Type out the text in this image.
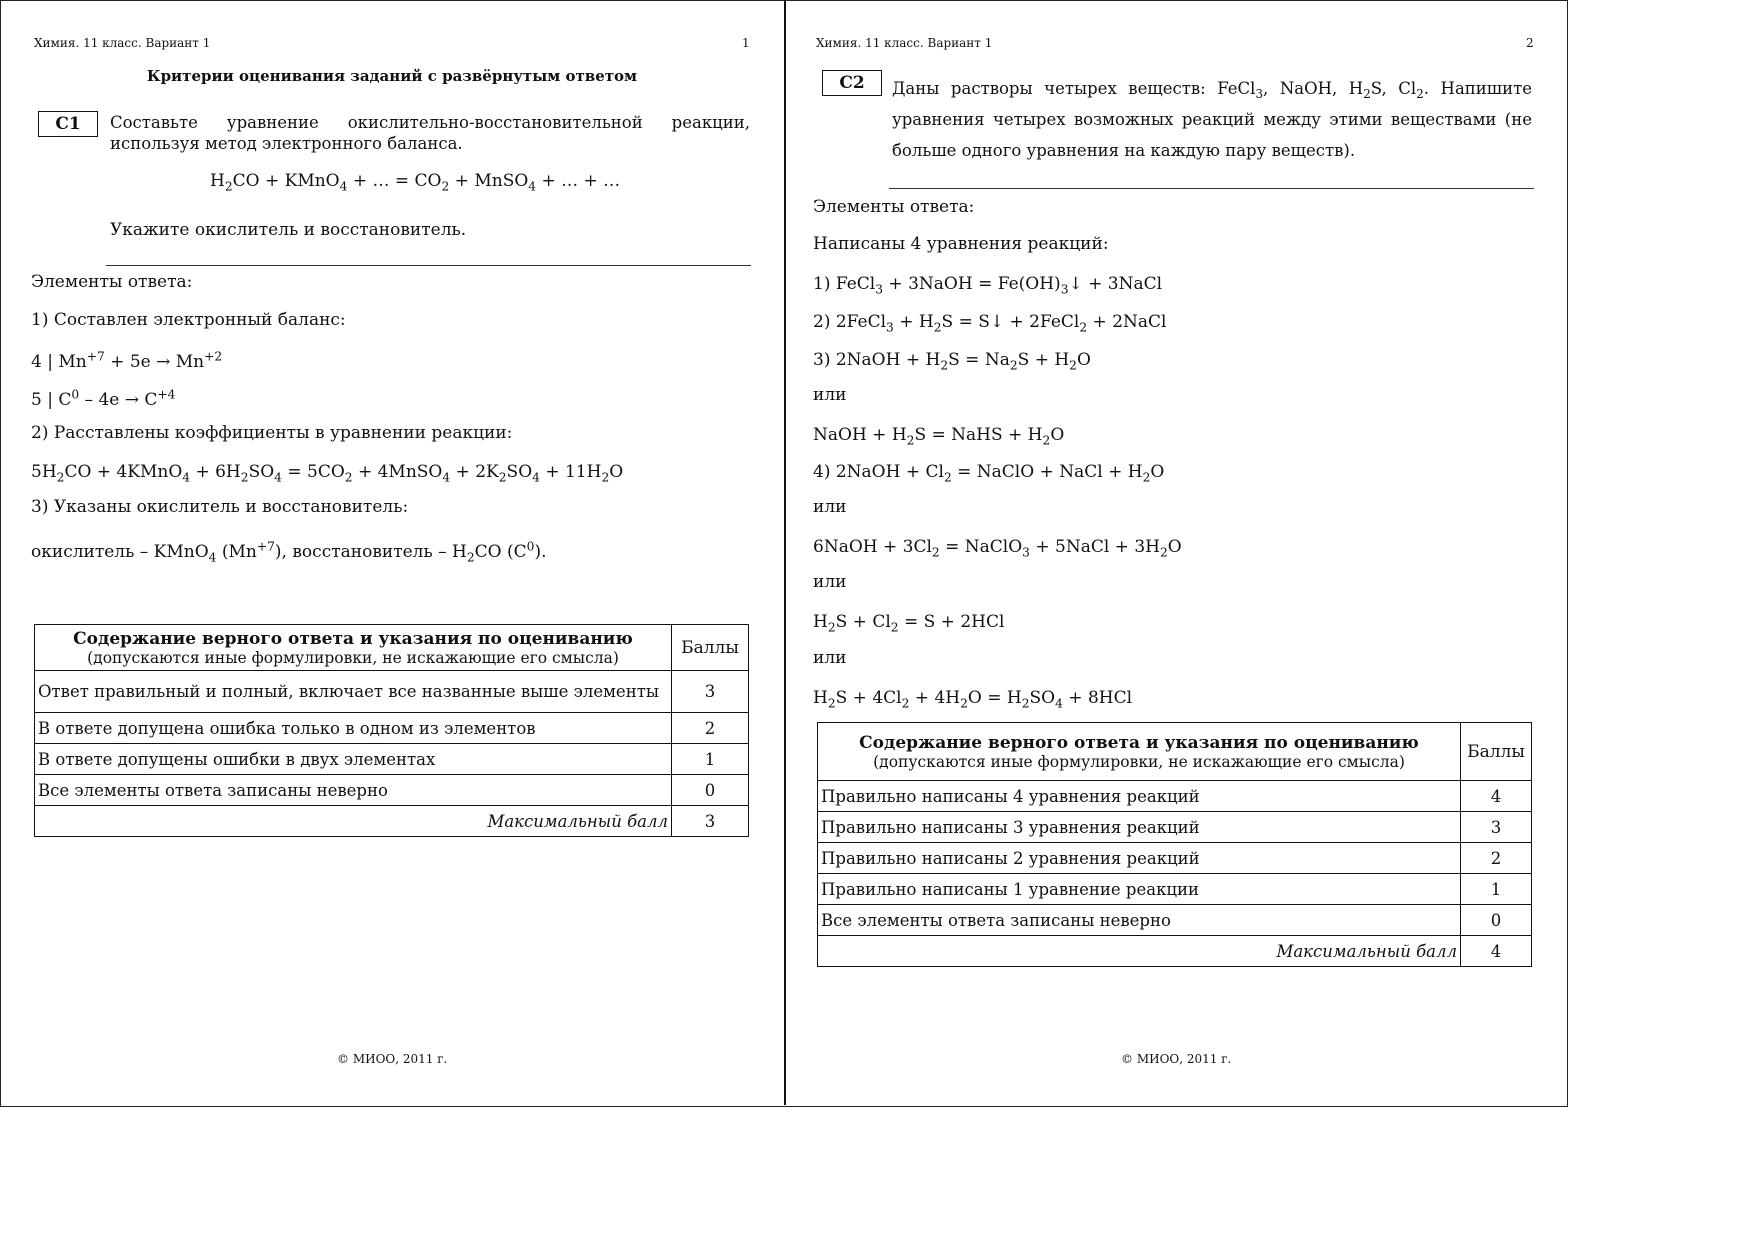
Химия. 11 класс. Вариант 1	1
Критерии оценивания заданий с развёрнутым ответом
C1	Составьте уравнение окислительно-восстановительной реакции, используя метод электронного баланса.
$H_2CO$ + KMnO$_4$ + … = $CO_2$ + MnSO$_4$ + … + …
Укажите окислитель и восстановитель.
Элементы ответа:
1) Составлен электронный баланс:
4 | $Mn^{+7} + 5e \to Mn^{+2}$
5 | $C^0 - 4e \to C^{+4}$
2) Расставлены коэффициенты в уравнении реакции:
$5H_2CO$ + 4KMnO$_4$ + $6H_2SO_4 = 5CO_2$ + 4MnSO$_4$ + $2K_2SO_4 + 11H_2O$
3) Указаны окислитель и восстановитель:
окислитель – KMnO$_4$ $(Mn^{+7})$, восстановитель – $H_2CO$ $(C^0)$.
Содержание верного ответа и указания по оцениванию
(допускаются иные формулировки, не искажающие его смысла)	Баллы
Ответ правильный и полный, включает все названные выше элементы	3
В ответе допущена ошибка только в одном из элементов	2
В ответе допущены ошибки в двух элементах	1
Все элементы ответа записаны неверно	0
Максимальный балл	3
© МИОО, 2011 г.
Химия. 11 класс. Вариант 1	2
C2	Даны растворы четырех веществ: FeCl$_3$, NaOH, $H_2S$, $Cl_2$. Напишите уравнения четырех возможных реакций между этими веществами (не больше одного уравнения на каждую пару веществ).
Элементы ответа:
Написаны 4 уравнения реакций:
1) FeCl$_3$ + 3NaOH = $Fe(OH)_3↓$ + 3NaCl
2) 2FeCl$_3$ + $H_2S$ = S↓ + 2FeCl$_2$ + 2NaCl
3) 2NaOH + $H_2S = Na_2S + H_2O$
или
NaOH + $H_2S$ = NaHS + $H_2O$
4) 2NaOH + $Cl_2$ = NaClO + NaCl + $H_2O$
или
6NaOH + $3Cl_2$ = NaClO$_3$ + 5NaCl + $3H_2O$
или
$H_2S + Cl_2 = S + 2HCl$
или
$H_2S + 4Cl_2 + 4H_2O = H_2SO_4 + 8HCl$
Содержание верного ответа и указания по оцениванию
(допускаются иные формулировки, не искажающие его смысла)	Баллы
Правильно написаны 4 уравнения реакций	4
Правильно написаны 3 уравнения реакций	3
Правильно написаны 2 уравнения реакций	2
Правильно написаны 1 уравнение реакции	1
Все элементы ответа записаны неверно	0
Максимальный балл	4
© МИОО, 2011 г.
